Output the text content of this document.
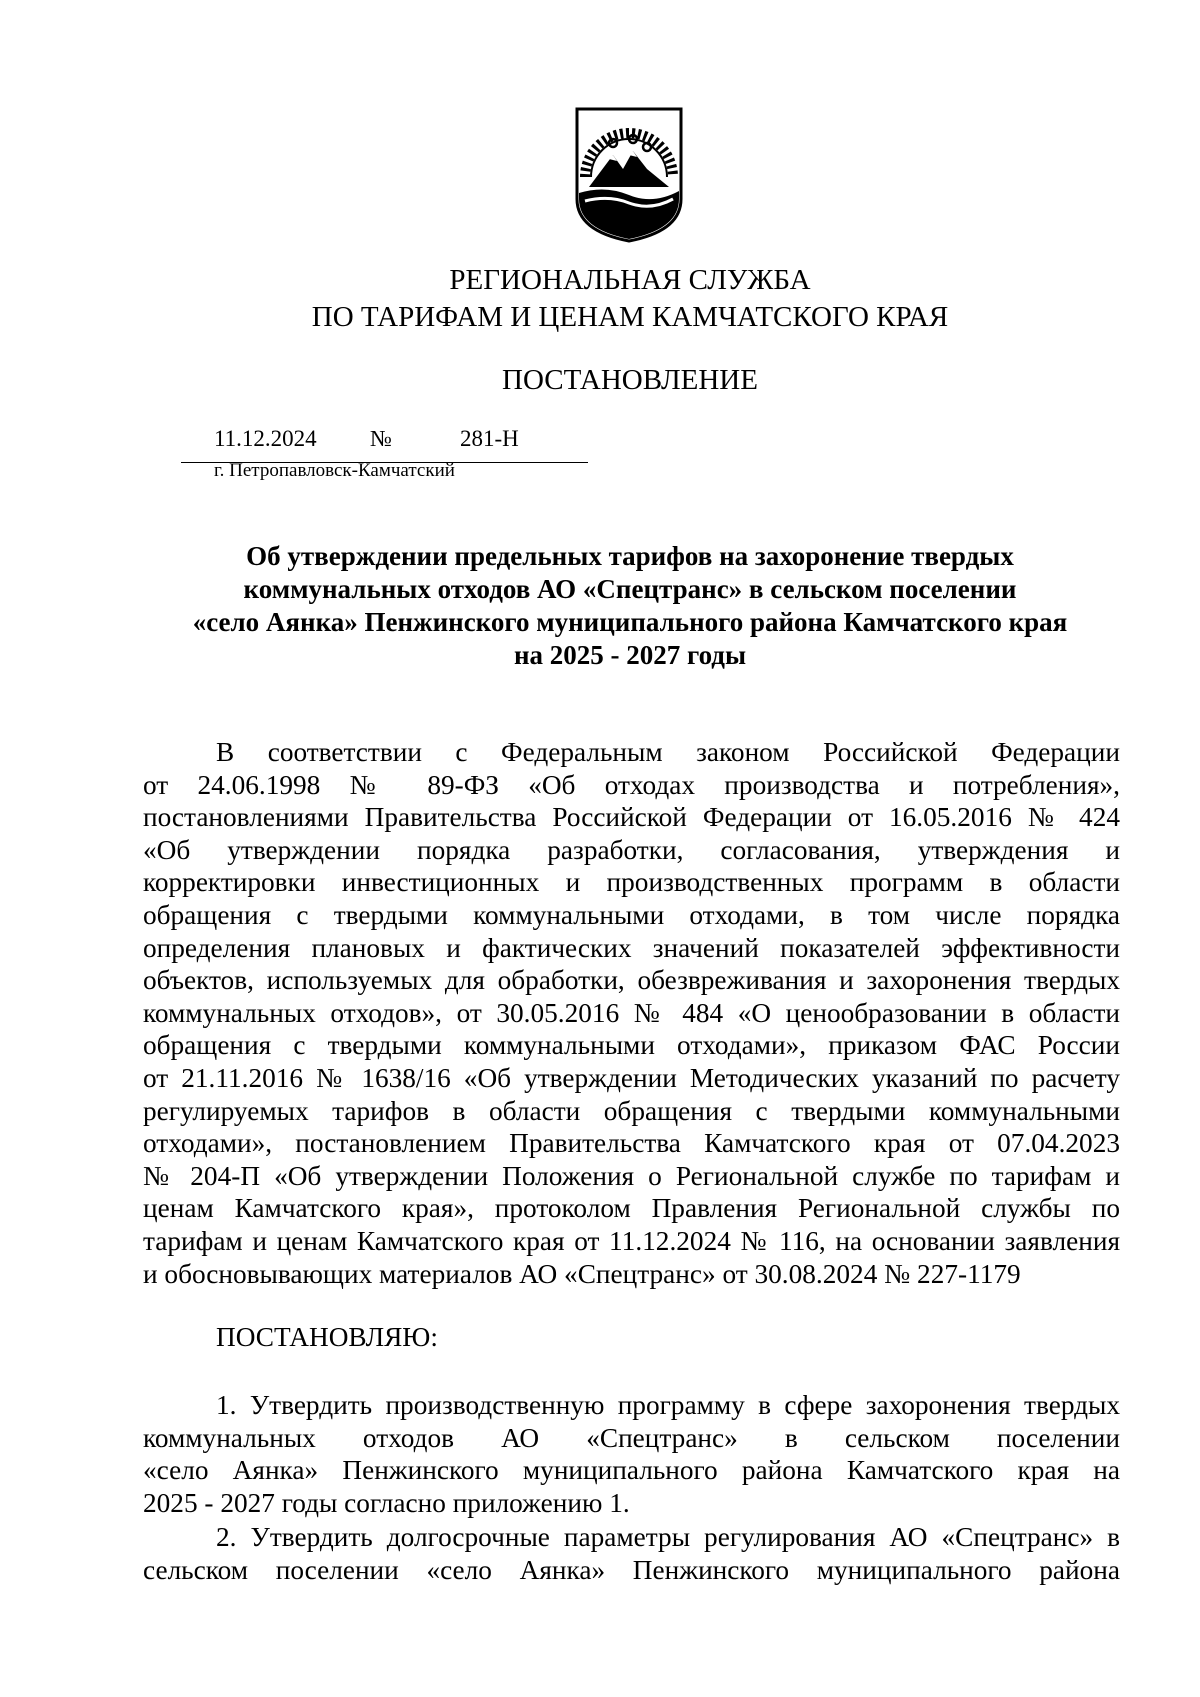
РЕГИОНАЛЬНАЯ СЛУЖБА
ПО ТАРИФАМ И ЦЕНАМ КАМЧАТСКОГО КРАЯ
ПОСТАНОВЛЕНИЕ
11.12.2024 №	281-Н
г. Петропавловск-Камчатский
Об утверждении предельных тарифов на захоронение твердых
коммунальных отходов АО «Спецтранс» в сельском поселении
«село Аянка» Пенжинского муниципального района Камчатского края
на 2025 - 2027 годы
В соответствии с Федеральным законом Российской Федерации
от 24.06.1998 № 89-ФЗ «Об отходах производства и потребления»,
постановлениями Правительства Российской Федерации от 16.05.2016 № 424
«Об утверждении порядка разработки, согласования, утверждения и
корректировки инвестиционных и производственных программ в области
обращения с твердыми коммунальными отходами, в том числе порядка
определения плановых и фактических значений показателей эффективности
объектов, используемых для обработки, обезвреживания и захоронения твердых
коммунальных отходов», от 30.05.2016 № 484 «О ценообразовании в области
обращения с твердыми коммунальными отходами», приказом ФАС России
от 21.11.2016 № 1638/16 «Об утверждении Методических указаний по расчету
регулируемых тарифов в области обращения с твердыми коммунальными
отходами», постановлением Правительства Камчатского края от 07.04.2023
№ 204-П «Об утверждении Положения о Региональной службе по тарифам и
ценам Камчатского края», протоколом Правления Региональной службы по
тарифам и ценам Камчатского края от 11.12.2024 № 116, на основании заявления
и обосновывающих материалов АО «Спецтранс» от 30.08.2024 № 227-1179
ПОСТАНОВЛЯЮ:
1. Утвердить производственную программу в сфере захоронения твердых
коммунальных отходов АО «Спецтранс» в сельском поселении
«село Аянка» Пенжинского муниципального района Камчатского края на
2025 - 2027 годы согласно приложению 1.
2. Утвердить долгосрочные параметры регулирования АО «Спецтранс» в
сельском поселении «село Аянка» Пенжинского муниципального района
